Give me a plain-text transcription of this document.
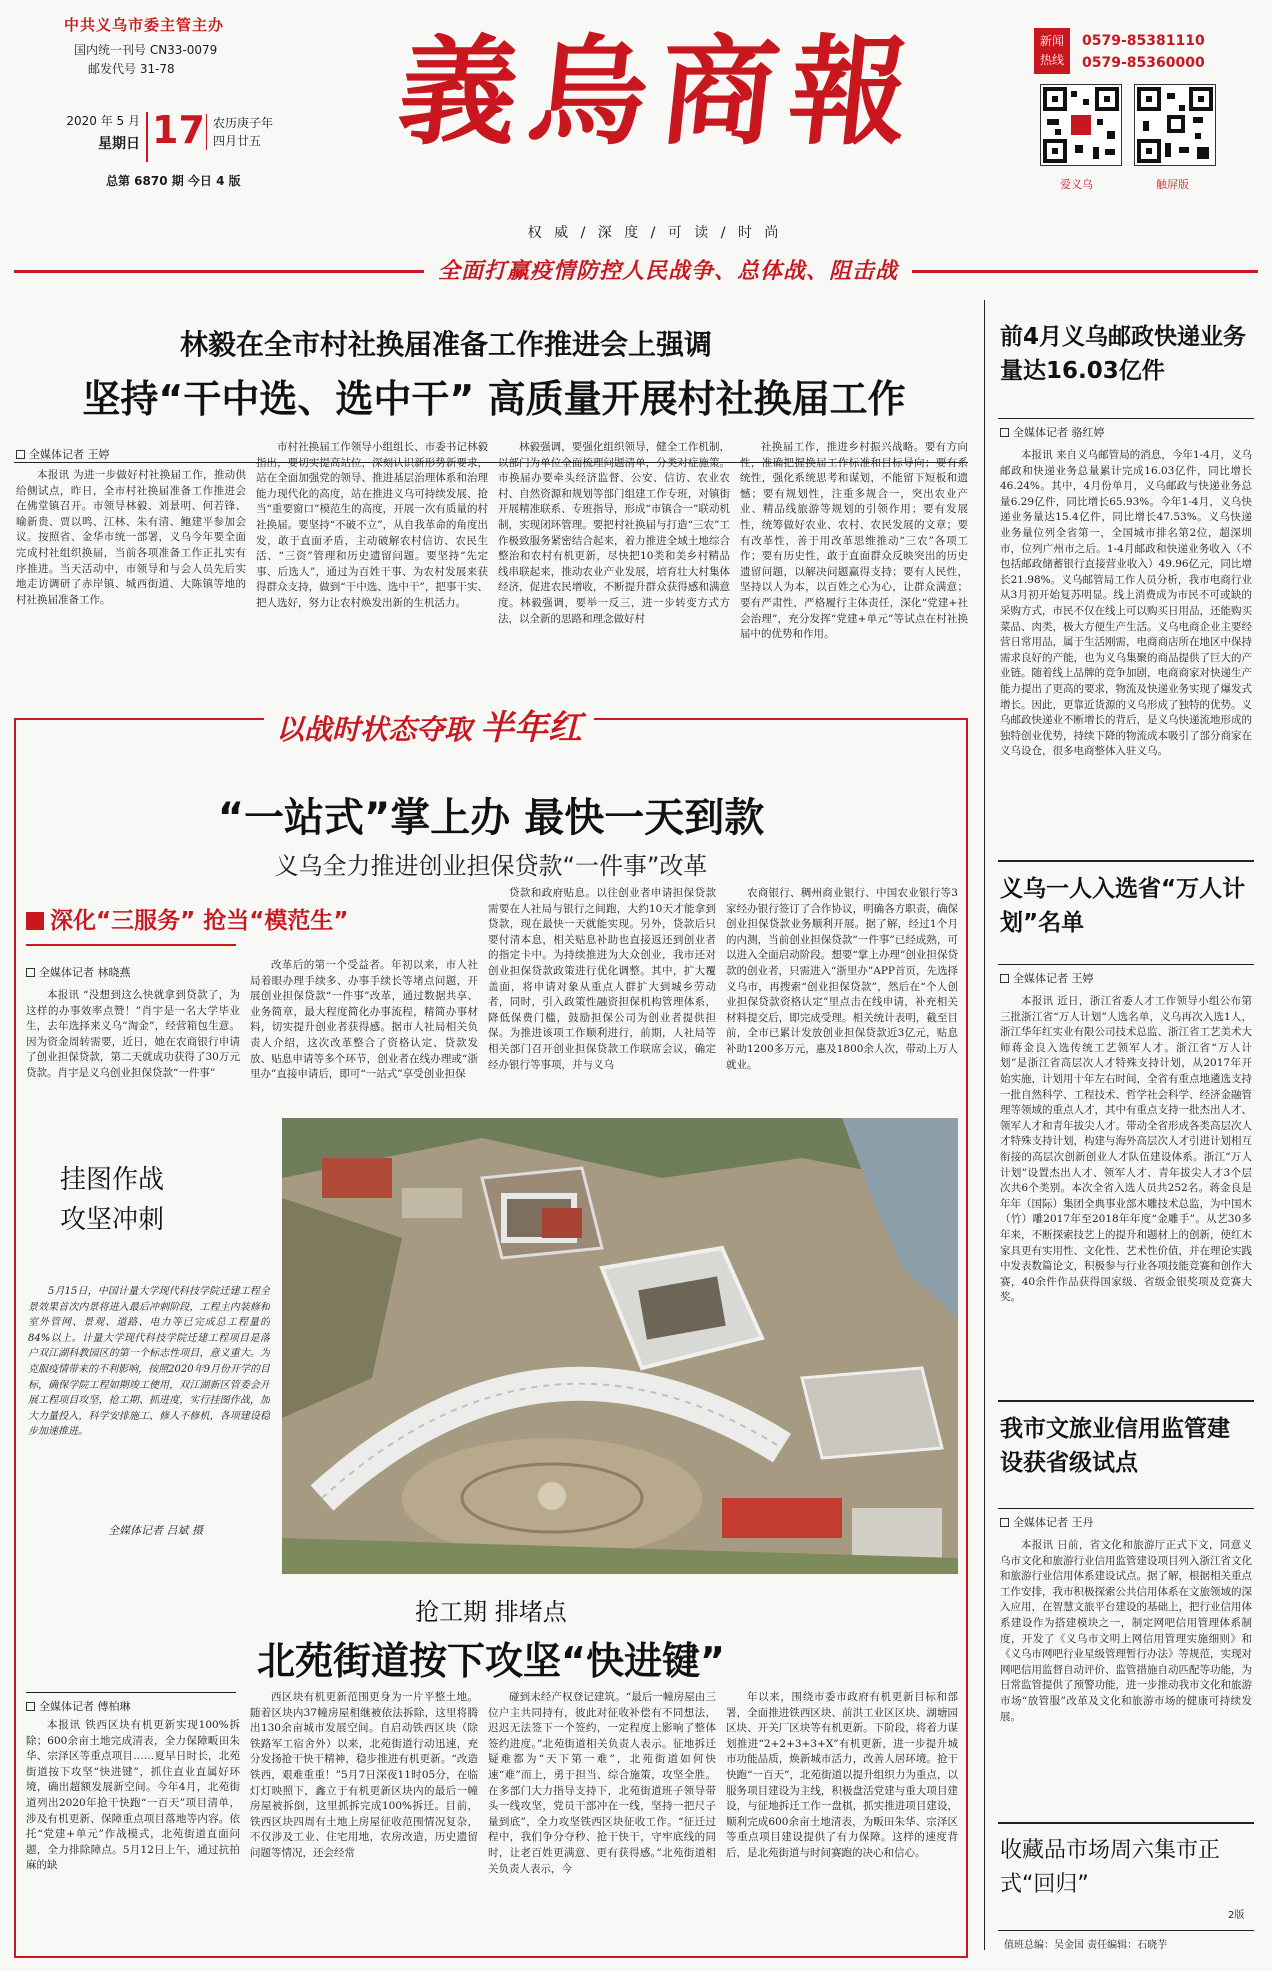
中共义乌市委主管主办
国内统一刊号 CN33-0079
邮发代号 31-78
2020 年 5 月
星期日 17 农历庚子年
四月廿五
总第 6870 期 今日 4 版
義烏商報
权 威 / 深 度 / 可 读 / 时 尚
新闻
热线
0579-85381110
0579-85360000
爱义乌	触屏版
全面打赢疫情防控人民战争、总体战、阻击战
林毅在全市村社换届准备工作推进会上强调
坚持“干中选、选中干” 高质量开展村社换届工作
全媒体记者 王婷

本报讯 为进一步做好村社换届工作，推动供给侧试点，昨日，全市村社换届准备工作推进会在佛堂镇召开。市领导林毅、刘景明、何若锋、喻新贵、贾以鸣、江林、朱有清、鲍建平参加会议。按照省、金华市统一部署，义乌今年要全面完成村社组织换届，当前各项准备工作正扎实有序推进。当天活动中，市领导和与会人员先后实地走访调研了赤岸镇、城西街道、大陈镇等地的村社换届准备工作。

市村社换届工作领导小组组长、市委书记林毅指出，要切实提高站位，深刻认识新形势新要求，站在全面加强党的领导、推进基层治理体系和治理能力现代化的高度，站在推进义乌可持续发展、抢当“重要窗口”模范生的高度，开展一次有质量的村社换届。要坚持“不破不立”，从自我革命的角度出发，敢于直面矛盾，主动破解农村信访、农民生活、“三资”管理和历史遗留问题。要坚持“先定事、后选人”，通过为百姓干事、为农村发展来获得群众支持，做到“干中选、选中干”，把事干实、把人选好，努力让农村焕发出新的生机活力。

林毅强调，要强化组织领导，健全工作机制，以部门为单位全面梳理问题清单，分类对症施策。市换届办要牵头经济监督、公安、信访、农业农村、自然资源和规划等部门组建工作专班，对镇街开展精准联系、专班指导，形成“市镇合一”联动机制，实现闭环管理。要把村社换届与打造“三农”工作极致服务紧密结合起来，着力推进全域土地综合整治和农村有机更新，尽快把10类和美乡村精品线串联起来，推动农业产业发展，培育壮大村集体经济，促进农民增收，不断提升群众获得感和满意度。林毅强调，要举一反三，进一步转变方式方法，以全新的思路和理念做好村

社换届工作，推进乡村振兴战略。要有方向性，准确把握换届工作标准和目标导向；要有系统性，强化系统思考和谋划，不能留下短板和遗憾；要有规划性，注重多规合一，突出农业产业、精品线旅游等规划的引领作用；要有发展性，统筹做好农业、农村、农民发展的文章；要有改革性，善于用改革思维推动“三农”各项工作；要有历史性，敢于直面群众反映突出的历史遗留问题，以解决问题赢得支持；要有人民性，坚持以人为本，以百姓之心为心，让群众满意；要有严肃性，严格履行主体责任，深化“党建+社会治理”，充分发挥“党建+单元”等试点在村社换届中的优势和作用。

以战时状态夺取 半年红
“一站式”掌上办 最快一天到款
义乌全力推进创业担保贷款“一件事”改革
深化“三服务” 抢当“模范生”
全媒体记者 林晓燕

本报讯 “没想到这么快就拿到贷款了，为这样的办事效率点赞！”肖宇是一名大学毕业生，去年选择来义乌“淘金”，经营箱包生意。因为资金周转需要，近日，她在农商银行申请了创业担保贷款，第二天就成功获得了30万元贷款。肖宇是义乌创业担保贷款“一件事”

改革后的第一个受益者。年初以来，市人社局着眼办理手续多、办事手续长等堵点问题，开展创业担保贷款“一件事”改革，通过数据共享、业务简章，最大程度简化办事流程，精简办事材料，切实提升创业者获得感。据市人社局相关负责人介绍，这次改革整合了资格认定、贷款发放、贴息申请等多个环节，创业者在线办理或“浙里办”直接申请后，即可“一站式”享受创业担保

贷款和政府贴息。以往创业者申请担保贷款需要在人社局与银行之间跑，大约10天才能拿到贷款，现在最快一天就能实现。另外，贷款后只要付清本息，相关贴息补助也直接返还到创业者的指定卡中。为持续推进为大众创业，我市还对创业担保贷款政策进行优化调整。其中，扩大覆盖面，将申请对象从重点人群扩大到城乡劳动者，同时，引入政策性融资担保机构管理体系，降低保费门槛，鼓励担保公司为创业者提供担保。为推进该项工作顺利进行，前期，人社局等相关部门召开创业担保贷款工作联席会议，确定经办银行等事项，并与义乌

农商银行、稠州商业银行、中国农业银行等3家经办银行签订了合作协议，明确各方职责，确保创业担保贷款业务顺利开展。据了解，经过1个月的内测，当前创业担保贷款“一件事”已经成熟，可以进入全面启动阶段。想要“掌上办理”创业担保贷款的创业者，只需进入“浙里办”APP首页，先选择义乌市，再搜索“创业担保贷款”，然后在“个人创业担保贷款资格认定”里点击在线申请，补充相关材料提交后，即完成受理。相关统计表明，截至目前，全市已累计发放创业担保贷款近3亿元，贴息补助1200多万元，惠及1800余人次，带动上万人就业。

挂图作战
攻坚冲刺

5月15日，中国计量大学现代科技学院迁建工程全景效果首次内景将进入最后冲刺阶段，工程主内装修和室外管网、景观、道路、电力等已完成总工程量的84%以上。计量大学现代科技学院迁建工程项目是落户双江湖科教园区的第一个标志性项目，意义重大。为克服疫情带来的不利影响，按照2020年9月份开学的目标，确保学院工程如期竣工使用，双江湖新区管委会开展工程项目攻坚，抢工期、抓进度，实行挂图作战，加大力量投入，科学安排施工、修人不修机，各项建设稳步加速推进。

全媒体记者 吕斌 摄
抢工期 排堵点
北苑街道按下攻坚“快进键”
全媒体记者 傅柏琳

本报讯 铁西区块有机更新实现100%拆除；600余亩土地完成清表，全力保障畈田朱华、宗泽区等重点项目……夏早日时长，北苑街道按下攻坚“快进键”，抓住直业直属好环境，确出超额发展新空间。今年4月，北苑街道列出2020年抢干快跑“一百天”项目清单，涉及有机更新、保障重点项目落地等内容。依托“党建+单元”作战模式，北苑街道直面问题，全力排除障点。5月12日上午，通过抗拍麻的缺

西区块有机更新范围更身为一片平整土地。随着区块内37幢房屋相继被依法拆除，这里将腾出130余亩城市发展空间。自启动铁西区块（除铁路军工宿舍外）以来，北苑街道行动迅速，充分发扬抢干快干精神，稳步推进有机更新。“改造铁西，艰难重重！”5月7日深夜11时05分，在临灯灯映照下，鑫立于有机更新区块内的最后一幢房屋被拆倒，这里抓拆完成100%拆迁。目前，铁西区块四周有土地上房屋征收范围情况复杂，不仅涉及工业、住宅用地，农房改造，历史遗留问题等情况，还会经常

碰到未经产权登记建筑。“最后一幢房屋由三位户主共同持有，彼此对征收补偿有不同想法，迟迟无法签下一个签约，一定程度上影响了整体签约进度。”北苑街道相关负责人表示。征地拆迁疑难都为“天下第一难”，北苑街道如何快速“难”而上，勇于担当、综合施策，攻坚全胜。在多部门大力指导支持下，北苑街道班子领导带头一线攻坚，党员干部冲在一线，坚持一把尺子量到底”，全力攻坚铁西区块征收工作。“征迁过程中，我们争分夺秒、抢干快干，守牢底线的同时，让老百姓更满意、更有获得感。”北苑街道相关负责人表示，今

年以来，围绕市委市政府有机更新目标和部署，全面推进铁西区块、前洪工业区区块、湖塘园区块、开关厂区块等有机更新。下阶段，将着力谋划推进“2+2+3+3+X”有机更新，进一步提升城市功能品质，焕新城市活力，改善人居环境。抢干快跑“一百天”，北苑街道以提升组织力为重点，以服务项目建设为主线，积极盘活党建与重大项目建设，与征地拆迁工作一盘棋，抓实推进项目建设，顺利完成600余亩土地清表，为畈田朱华、宗泽区等重点项目建设提供了有力保障。这样的速度背后，是北苑街道与时间赛跑的决心和信心。

前4月义乌邮政快递业务量达16.03亿件
全媒体记者 骆红婷

本报讯 来自义乌邮管局的消息，今年1-4月，义乌邮政和快递业务总量累计完成16.03亿件，同比增长46.24%。其中，4月份单月，义乌邮政与快递业务总量6.29亿件，同比增长65.93%。今年1-4月，义乌快递业务量达15.4亿件，同比增长47.53%。义乌快递业务量位列全省第一，全国城市排名第2位，超深圳市，位列广州市之后。1-4月邮政和快递业务收入（不包括邮政储蓄银行直接营业收入）49.96亿元，同比增长21.98%。义乌邮管局工作人员分析，我市电商行业从3月初开始复苏明显。线上消费成为市民不可或缺的采购方式，市民不仅在线上可以购买日用品，还能购买菜品、肉类，极大方便生产生活。义乌电商企业主要经营日常用品，属于生活刚需，电商商店所在地区中保持需求良好的产能，也为义乌集聚的商品提供了巨大的产业链。随着线上品牌的竞争加剧，电商商家对快递生产能力提出了更高的要求，物流及快递业务实现了爆发式增长。因此，更靠近货源的义乌形成了独特的优势。义乌邮政快递业不断增长的背后，是义乌快递流地形成的独特创业优势，持续下降的物流成本吸引了部分商家在义乌设仓，很多电商整体入驻义乌。

义乌一人入选省“万人计划”名单
全媒体记者 王婷

本报讯 近日，浙江省委人才工作领导小组公布第三批浙江省“万人计划”人选名单，义乌再次入选1人，浙江华年红实业有限公司技术总监、浙江省工艺美术大师蒋金良入选传统工艺领军人才。浙江省“万人计划”是浙江省高层次人才特殊支持计划，从2017年开始实施，计划用十年左右时间，全省有重点地遴选支持一批自然科学、工程技术、哲学社会科学、经济金融管理等领域的重点人才，其中有重点支持一批杰出人才、领军人才和青年拔尖人才。带动全省形成各类高层次人才特殊支持计划，构建与海外高层次人才引进计划相互衔接的高层次创新创业人才队伍建设体系。浙江“万人计划”设置杰出人才、领军人才、青年拔尖人才3个层次共6个类别。本次全省入选人员共252名。蒋金良是年年（国际）集团全典事业部木雕技术总监，为中国木（竹）雕2017年至2018年年度“金雕手”。从艺30多年来，不断探索技艺上的提升和题材上的创新，使红木家具更有实用性、文化性、艺术性价值，并在理论实践中发表数篇论文，积极参与行业各项技能竞赛和创作大赛，40余件作品获得国家级、省级金银奖项及竞赛大奖。

我市文旅业信用监管建设获省级试点
全媒体记者 王丹

本报讯 日前，省文化和旅游厅正式下文，同意义乌市文化和旅游行业信用监管建设项目列入浙江省文化和旅游行业信用体系建设试点。据了解，根据相关重点工作安排，我市积极探索公共信用体系在文旅领域的深入应用，在智慧文旅平台建设的基础上，把行业信用体系建设作为搭建模块之一，制定网吧信用管理体系制度，开发了《义乌市文明上网信用管理实施细则》和《义乌市网吧行业星级管理暂行办法》等规范，实现对网吧信用监督自动评价、监管措施自动匹配等功能，为日常监管提供了预警功能，进一步推动我市文化和旅游市场“放管服”改革及文化和旅游市场的健康可持续发展。

收藏品市场周六集市正式“回归”
2版
值班总编：吴金国 责任编辑：石晓芋
